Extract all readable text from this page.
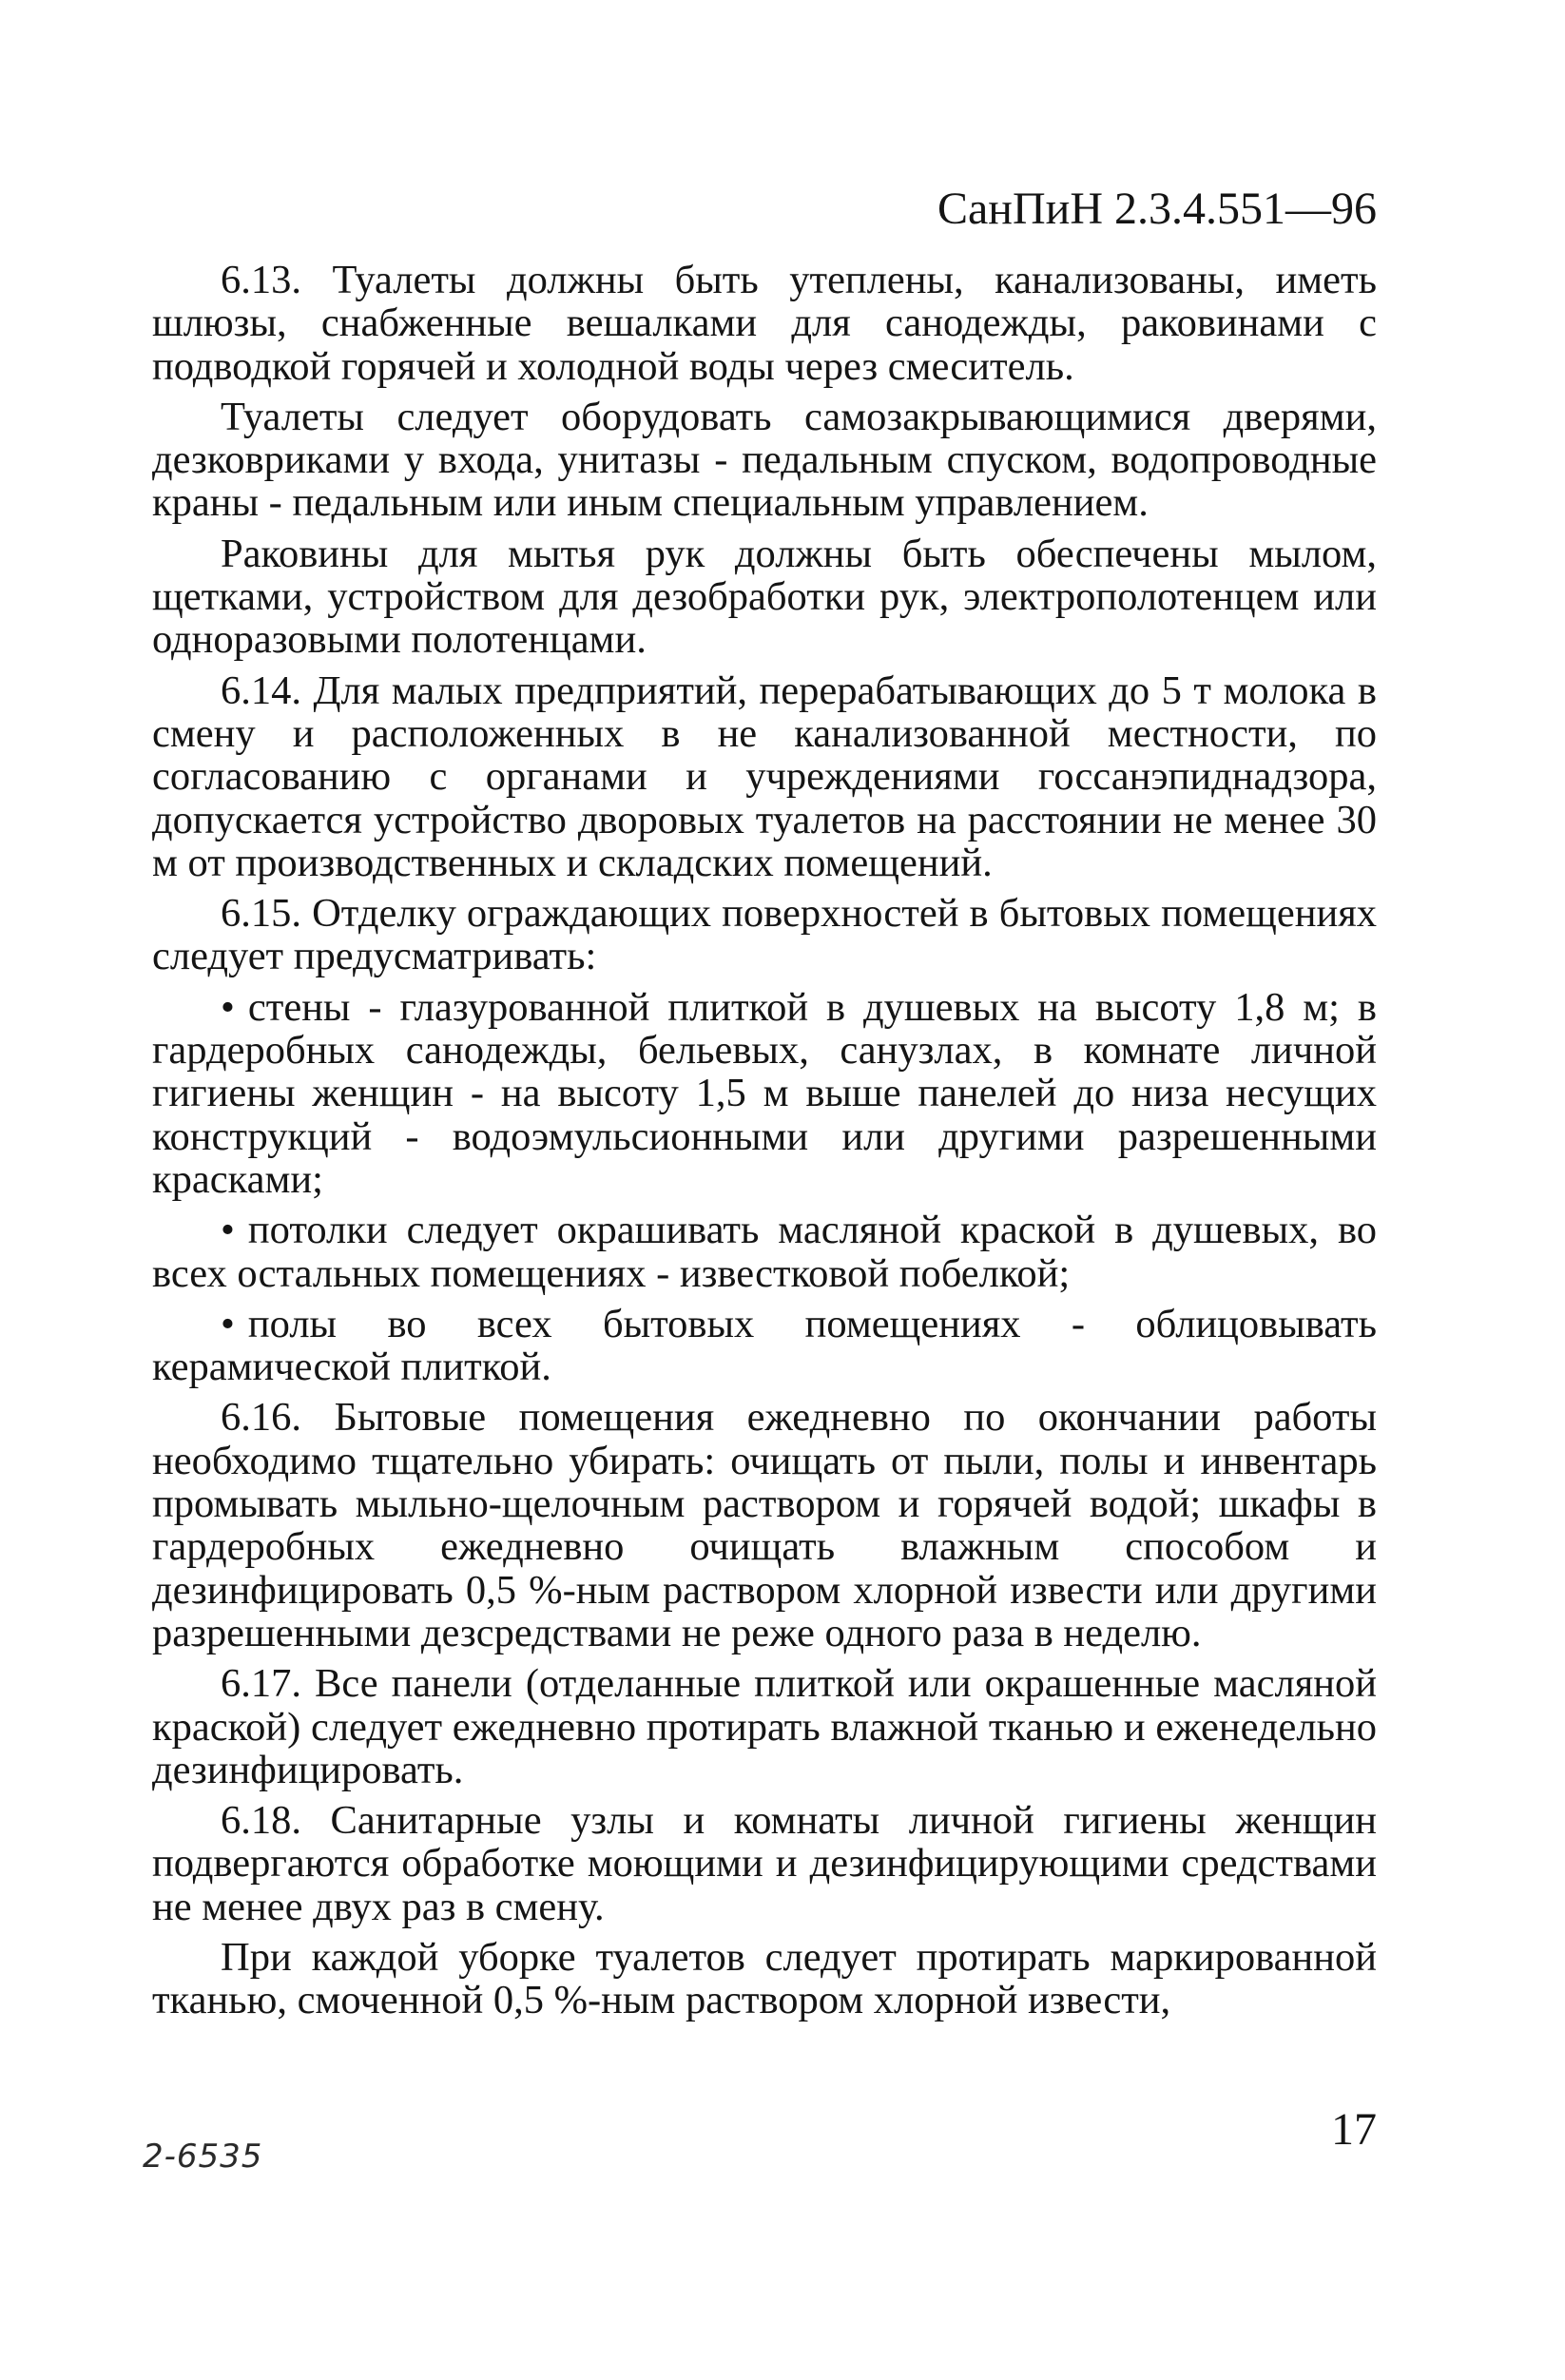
СанПиН 2.3.4.551—96

6.13. Туалеты должны быть утеплены, канализованы, иметь шлюзы, снабженные вешалками для санодежды, раковинами с подводкой горячей и холодной воды через смеситель.

Туалеты следует оборудовать самозакрывающимися дверями, дезковриками у входа, унитазы - педальным спуском, водопроводные краны - педальным или иным специальным управлением.

Раковины для мытья рук должны быть обеспечены мылом, щетками, устройством для дезобработки рук, электрополотенцем или одноразовыми полотенцами.

6.14. Для малых предприятий, перерабатывающих до 5 т молока в смену и расположенных в не канализованной местности, по согласованию с органами и учреждениями госсанэпиднадзора, допускается устройство дворовых туалетов на расстоянии не менее 30 м от производственных и складских помещений.

6.15. Отделку ограждающих поверхностей в бытовых помещениях следует предусматривать:

• стены - глазурованной плиткой в душевых на высоту 1,8 м; в гардеробных санодежды, бельевых, санузлах, в комнате личной гигиены женщин - на высоту 1,5 м выше панелей до низа несущих конструкций - водоэмульсионными или другими разрешенными красками;

• потолки следует окрашивать масляной краской в душевых, во всех остальных помещениях - известковой побелкой;

• полы во всех бытовых помещениях - облицовывать керамической плиткой.

6.16. Бытовые помещения ежедневно по окончании работы необходимо тщательно убирать: очищать от пыли, полы и инвентарь промывать мыльно-щелочным раствором и горячей водой; шкафы в гардеробных ежедневно очищать влажным способом и дезинфицировать 0,5 %-ным раствором хлорной извести или другими разрешенными дезсредствами не реже одного раза в неделю.

6.17. Все панели (отделанные плиткой или окрашенные масляной краской) следует ежедневно протирать влажной тканью и еженедельно дезинфицировать.

6.18. Санитарные узлы и комнаты личной гигиены женщин подвергаются обработке моющими и дезинфицирующими средствами не менее двух раз в смену.

При каждой уборке туалетов следует протирать маркированной тканью, смоченной 0,5 %-ным раствором хлорной извести,

17
2-6535
